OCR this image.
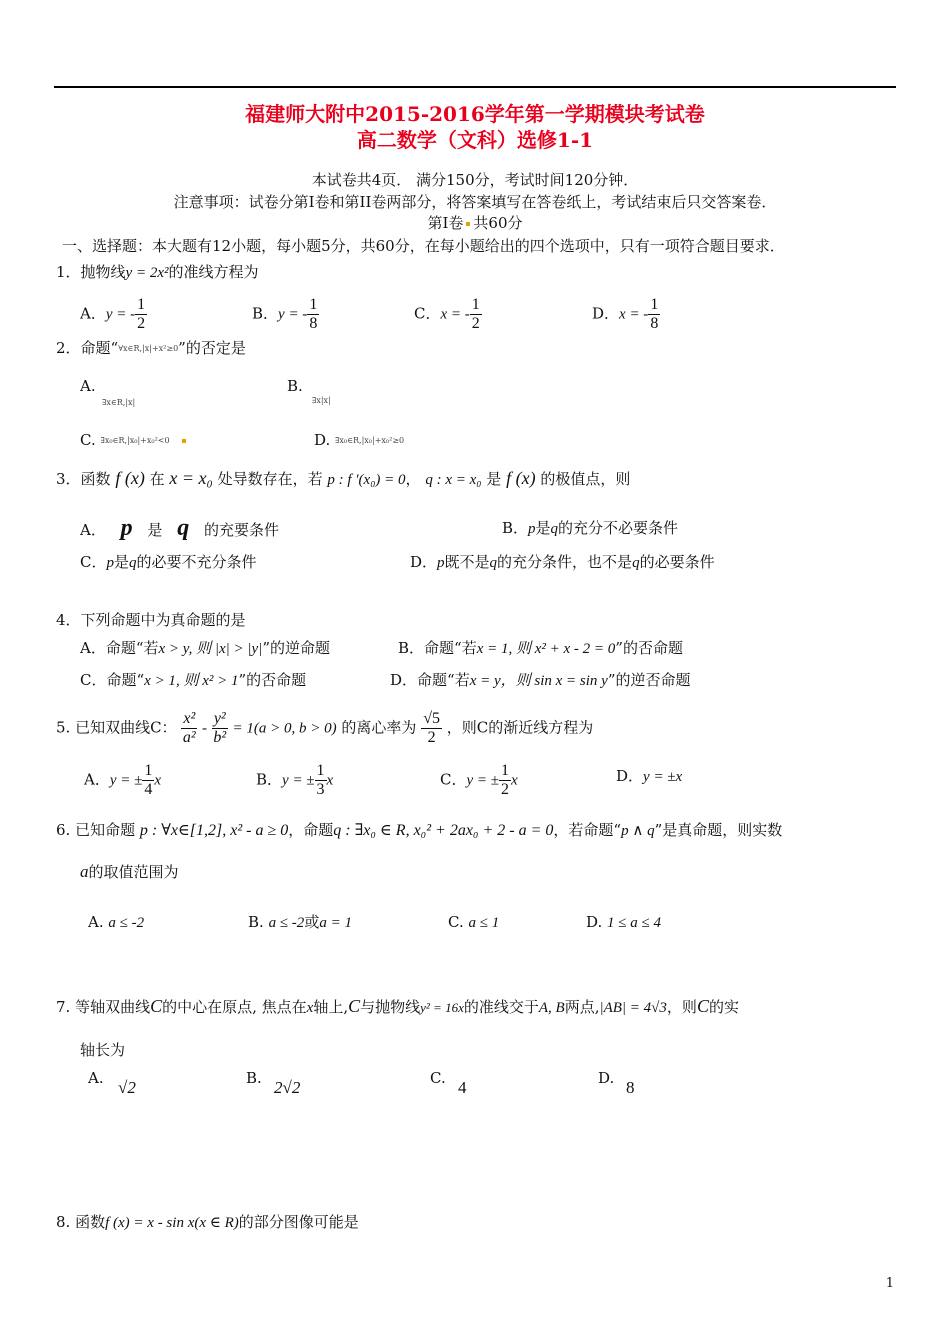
福建师大附中2015-2016学年第一学期模块考试卷
高二数学（文科）选修1-1
本试卷共4页． 满分150分，考试时间120分钟．
注意事项：试卷分第I卷和第II卷两部分，将答案填写在答卷纸上，考试结束后只交答案卷．
第I卷 共60分
一、选择题：本大题有12小题，每小题5分，共60分，在每小题给出的四个选项中，只有一项符合题目要求．
1．抛物线y = 2x²的准线方程为
A．y = - $\frac{1}{2}$	B．y = - $\frac{1}{8}$	C．x = - $\frac{1}{2}$	D．x = - $\frac{1}{8}$
2．命题“∀x∈R,|x|+x²≥0”的否定是
A.
∃x∈R,|x|
B.
∃x|x|
C. ∃x₀∈R,|x₀|+x₀²<0	D. ∃x₀∈R,|x₀|+x₀²≥0
3．函数 f (x) 在 x = x₀ 处导数存在，若 p : f ′(x₀) = 0， q : x = x₀ 是 f (x) 的极值点，则
A． p 是 q 的充要条件	B．p是q的充分不必要条件
C．p是q的必要不充分条件	D．p既不是q的充分条件，也不是q的必要条件
4．下列命题中为真命题的是
A．命题“若x > y, 则 |x| > |y|”的逆命题	B．命题“若x = 1, 则 x² + x - 2 = 0”的否命题
C．命题“x > 1, 则 x² > 1”的否命题	D．命题“若x = y，则 sin x = sin y”的逆否命题
5. 已知双曲线C： $\frac{\text{x²}}{\text{a²}} - \frac{\text{y²}}{\text{b²}} = 1(a > 0$, b > 0) 的离心率为 $\frac{√5}{2}$ ，则C的渐近线方程为
A．y = ± $\frac{1}{4}$ x	B．y = ± $\frac{1}{3}$ x	C．y = ± $\frac{1}{2}$ x	D．y = ±x
6. 已知命题 p : ∀x∈[1,2], x² - a ≥ 0，命题q : ∃x₀ ∈ R, x₀² + 2ax₀ + 2 - a = 0，若命题“p ∧ q”是真命题，则实数
a的取值范围为
A. a ≤ -2	B. a ≤ -2或a = 1	C. a ≤ 1	D. 1 ≤ a ≤ 4
7. 等轴双曲线C的中心在原点, 焦点在x轴上,C与抛物线y² = 16x的准线交于A, B两点,|AB| = 4√3，则C的实
轴长为
A. √2	B. 2√2	C. 4	D. 8
8. 函数f (x) = x - sin x(x ∈ R)的部分图像可能是
1
